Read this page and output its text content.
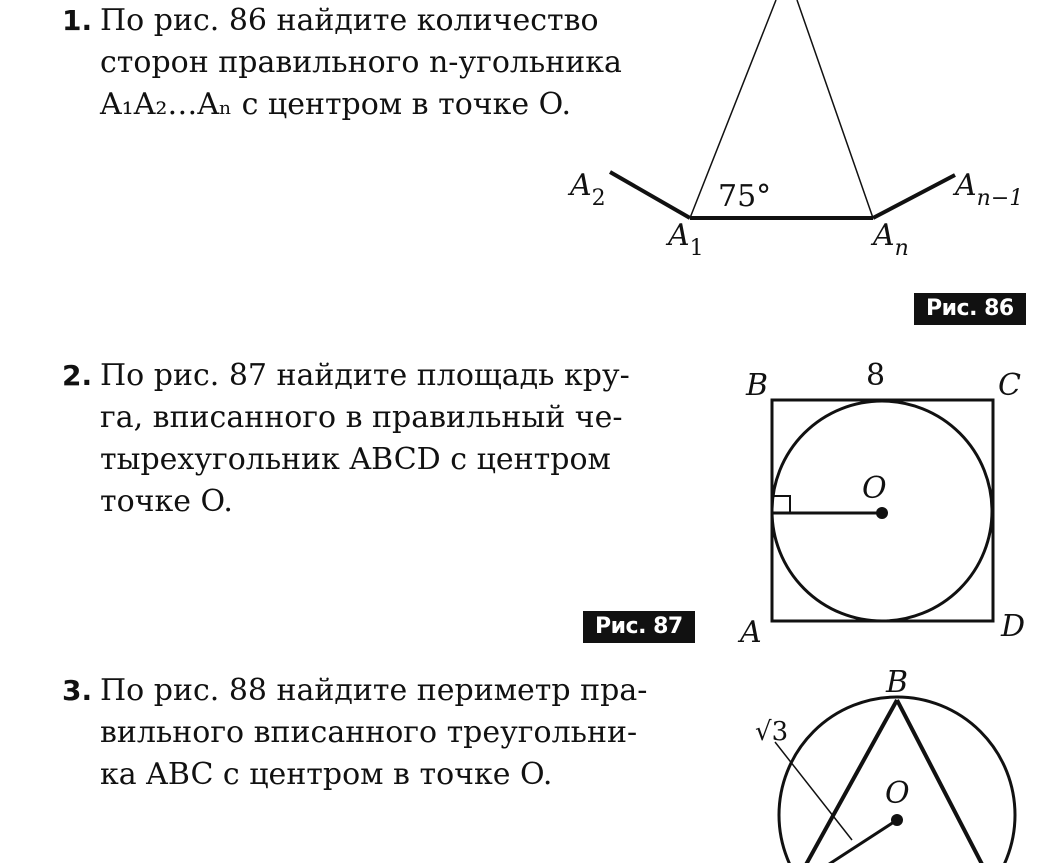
1. По рис. 86 найдите количество
сторон правильного n-угольника
A₁A₂…Aₙ с центром в точке O.
2. По рис. 87 найдите площадь кру-
га, вписанного в правильный че-
тырехугольник ABCD с центром
точке O.
3. По рис. 88 найдите периметр пра-
вильного вписанного треугольни-
ка ABC с центром в точке O.
Рис. 86
Рис. 87
75°
$A_2$
$A_1$	$A_n$
$A_{n-1}$
8
B	C
A	D
O
B
O
√3
